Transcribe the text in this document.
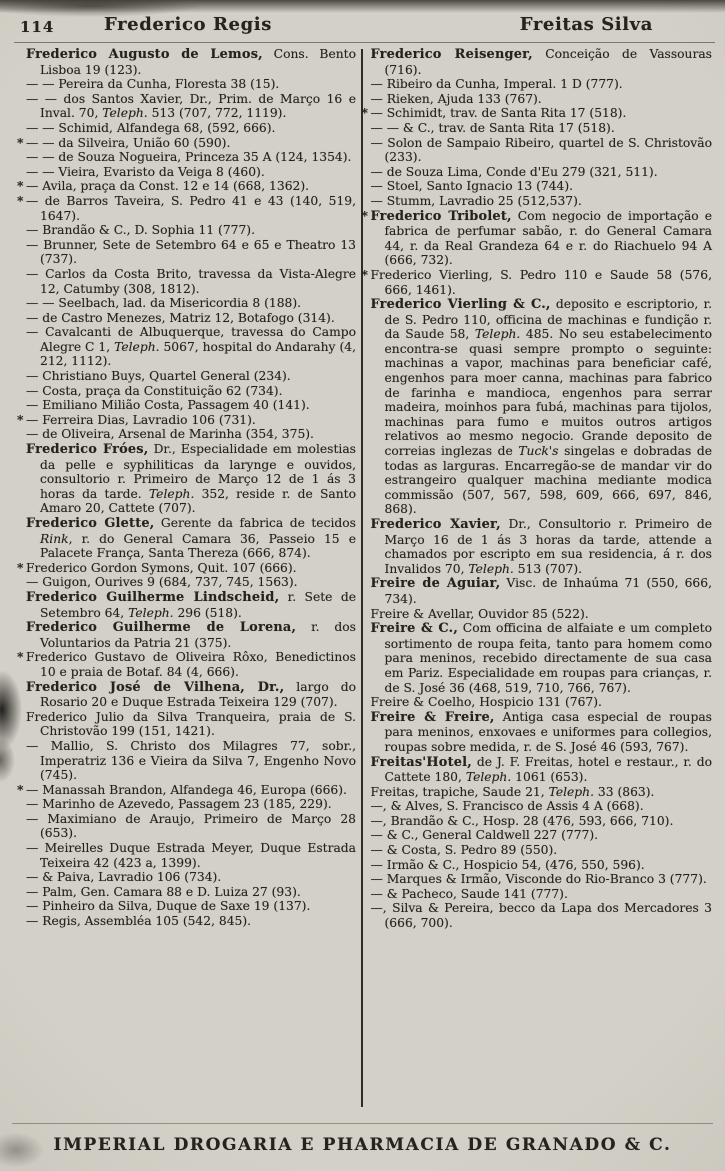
114	Frederico Regis	Freitas Silva

Frederico Augusto de Lemos, Cons. Bento Lisboa 19 (123).

— — Pereira da Cunha, Floresta 38 (15).

— — dos Santos Xavier, Dr., Prim. de Março 16 e Inval. 70, Teleph. 513 (707, 772, 1119).

— — Schimid, Alfandega 68, (592, 666).

* — — da Silveira, União 60 (590).

— — de Souza Nogueira, Princeza 35 A (124, 1354).

— — Vieira, Evaristo da Veiga 8 (460).

* — Avila, praça da Const. 12 e 14 (668, 1362).

* — de Barros Taveira, S. Pedro 41 e 43 (140, 519, 1647).

— Brandão & C., D. Sophia 11 (777).

— Brunner, Sete de Setembro 64 e 65 e Theatro 13 (737).

— Carlos da Costa Brito, travessa da Vista-Alegre 12, Catumby (308, 1812).

— — Seelbach, lad. da Misericordia 8 (188).

— de Castro Menezes, Matriz 12, Botafogo (314).

— Cavalcanti de Albuquerque, travessa do Campo Alegre C 1, Teleph. 5067, hospital do Andarahy (4, 212, 1112).

— Christiano Buys, Quartel General (234).

— Costa, praça da Constituição 62 (734).

— Emiliano Milião Costa, Passagem 40 (141).

* — Ferreira Dias, Lavradio 106 (731).

— de Oliveira, Arsenal de Marinha (354, 375).

Frederico Fróes, Dr., Especialidade em molestias da pelle e syphiliticas da larynge e ouvidos, consultorio r. Primeiro de Março 12 de 1 ás 3 horas da tarde. Teleph. 352, reside r. de Santo Amaro 20, Cattete (707).

Frederico Glette, Gerente da fabrica de tecidos Rink, r. do General Camara 36, Passeio 15 e Palacete França, Santa Thereza (666, 874).

* Frederico Gordon Symons, Quit. 107 (666).

— Guigon, Ourives 9 (684, 737, 745, 1563).

Frederico Guilherme Lindscheid, r. Sete de Setembro 64, Teleph. 296 (518).

Frederico Guilherme de Lorena, r. dos Voluntarios da Patria 21 (375).

* Frederico Gustavo de Oliveira Rôxo, Benedictinos 10 e praia de Botaf. 84 (4, 666).

Frederico José de Vilhena, Dr., largo do Rosario 20 e Duque Estrada Teixeira 129 (707).

Frederico Julio da Silva Tranqueira, praia de S. Christovão 199 (151, 1421).

— Mallio, S. Christo dos Milagres 77, sobr., Imperatriz 136 e Vieira da Silva 7, Engenho Novo (745).

* — Manassah Brandon, Alfandega 46, Europa (666).

— Marinho de Azevedo, Passagem 23 (185, 229).

— Maximiano de Araujo, Primeiro de Março 28 (653).

— Meirelles Duque Estrada Meyer, Duque Estrada Teixeira 42 (423 a, 1399).

— & Paiva, Lavradio 106 (734).

— Palm, Gen. Camara 88 e D. Luiza 27 (93).

— Pinheiro da Silva, Duque de Saxe 19 (137).

— Regis, Assembléa 105 (542, 845).

Frederico Reisenger, Conceição de Vassouras (716).

— Ribeiro da Cunha, Imperal. 1 D (777).

— Rieken, Ajuda 133 (767).

* — Schimidt, trav. de Santa Rita 17 (518).

— — & C., trav. de Santa Rita 17 (518).

— Solon de Sampaio Ribeiro, quartel de S. Christovão (233).

— de Souza Lima, Conde d'Eu 279 (321, 511).

— Stoel, Santo Ignacio 13 (744).

— Stumm, Lavradio 25 (512,537).

* Frederico Tribolet, Com negocio de importação e fabrica de perfumar sabão, r. do General Camara 44, r. da Real Grandeza 64 e r. do Riachuelo 94 A (666, 732).

* Frederico Vierling, S. Pedro 110 e Saude 58 (576, 666, 1461).

Frederico Vierling & C., deposito e escriptorio, r. de S. Pedro 110, officina de machinas e fundição r. da Saude 58, Teleph. 485. No seu estabelecimento encontra-se quasi sempre prompto o seguinte: machinas a vapor, machinas para beneficiar café, engenhos para moer canna, machinas para fabrico de farinha e mandioca, engenhos para serrar madeira, moinhos para fubá, machinas para tijolos, machinas para fumo e muitos outros artigos relativos ao mesmo negocio. Grande deposito de correias inglezas de Tuck's singelas e dobradas de todas as larguras. Encarregão-se de mandar vir do estrangeiro qualquer machina mediante modica commissão (507, 567, 598, 609, 666, 697, 846, 868).

Frederico Xavier, Dr., Consultorio r. Primeiro de Março 16 de 1 ás 3 horas da tarde, attende a chamados por escripto em sua residencia, á r. dos Invalidos 70, Teleph. 513 (707).

Freire de Aguiar, Visc. de Inhaúma 71 (550, 666, 734).

Freire & Avellar, Ouvidor 85 (522).

Freire & C., Com officina de alfaiate e um completo sortimento de roupa feita, tanto para homem como para meninos, recebido directamente de sua casa em Pariz. Especialidade em roupas para crianças, r. de S. José 36 (468, 519, 710, 766, 767).

Freire & Coelho, Hospicio 131 (767).

Freire & Freire, Antiga casa especial de roupas para meninos, enxovaes e uniformes para collegios, roupas sobre medida, r. de S. José 46 (593, 767).

Freitas'Hotel, de J. F. Freitas, hotel e restaur., r. do Cattete 180, Teleph. 1061 (653).

Freitas, trapiche, Saude 21, Teleph. 33 (863).

—, & Alves, S. Francisco de Assis 4 A (668).

—, Brandão & C., Hosp. 28 (476, 593, 666, 710).

— & C., General Caldwell 227 (777).

— & Costa, S. Pedro 89 (550).

— Irmão & C., Hospicio 54, (476, 550, 596).

— Marques & Irmão, Visconde do Rio-Branco 3 (777).

— & Pacheco, Saude 141 (777).

—, Silva & Pereira, becco da Lapa dos Mercadores 3 (666, 700).

IMPERIAL DROGARIA E PHARMACIA DE GRANADO & C.
